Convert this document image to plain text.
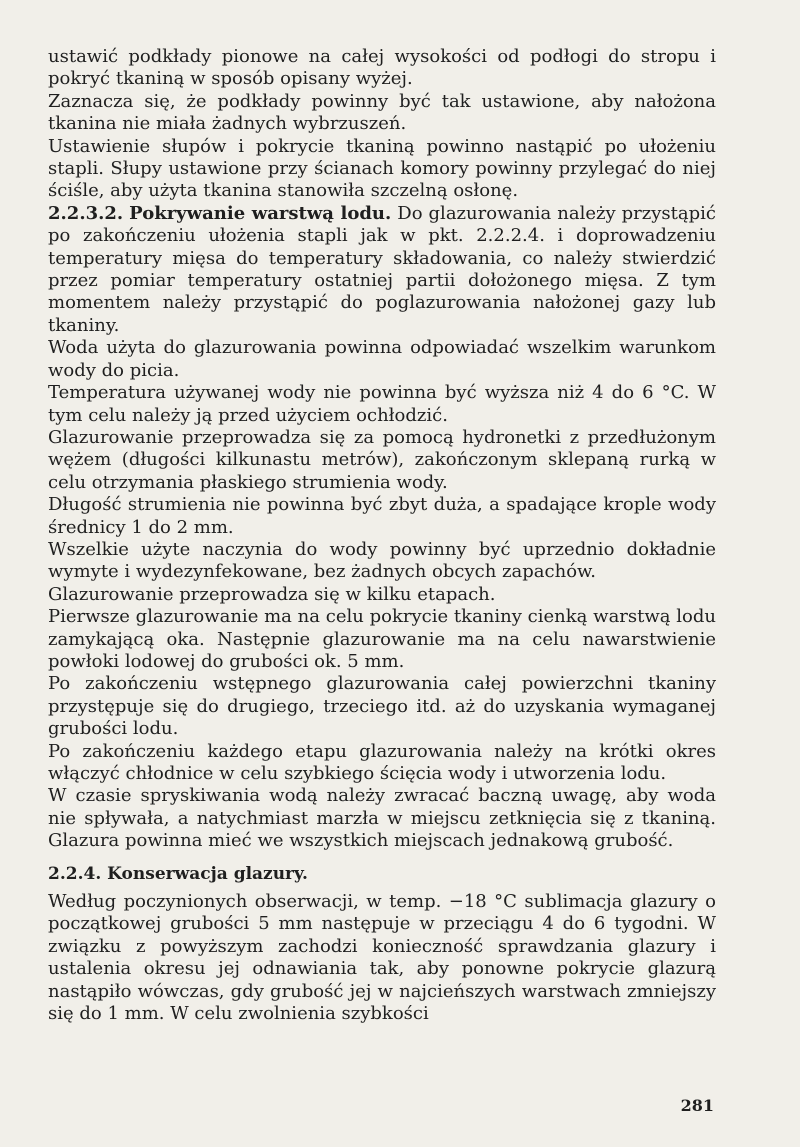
ustawić podkłady pionowe na całej wysokości od podłogi do stropu i pokryć tkaniną w sposób opisany wyżej.

Zaznacza się, że podkłady powinny być tak ustawione, aby nałożona tkanina nie miała żadnych wybrzuszeń.

Ustawienie słupów i pokrycie tkaniną powinno nastąpić po ułożeniu stapli. Słupy ustawione przy ścianach komory powinny przylegać do niej ściśle, aby użyta tkanina stanowiła szczelną osłonę.

2.2.3.2. Pokrywanie warstwą lodu. Do glazurowania należy przystąpić po zakończeniu ułożenia stapli jak w pkt. 2.2.2.4. i doprowadzeniu temperatury mięsa do temperatury składowania, co należy stwierdzić przez pomiar temperatury ostatniej partii dołożonego mięsa. Z tym momentem należy przystąpić do poglazurowania nałożonej gazy lub tkaniny.

Woda użyta do glazurowania powinna odpowiadać wszelkim warunkom wody do picia.

Temperatura używanej wody nie powinna być wyższa niż 4 do 6 °C. W tym celu należy ją przed użyciem ochłodzić.

Glazurowanie przeprowadza się za pomocą hydronetki z przedłużonym wężem (długości kilkunastu metrów), zakończonym sklepaną rurką w celu otrzymania płaskiego strumienia wody.

Długość strumienia nie powinna być zbyt duża, a spadające krople wody średnicy 1 do 2 mm.

Wszelkie użyte naczynia do wody powinny być uprzednio dokładnie wymyte i wydezynfekowane, bez żadnych obcych zapachów.

Glazurowanie przeprowadza się w kilku etapach.

Pierwsze glazurowanie ma na celu pokrycie tkaniny cienką warstwą lodu zamykającą oka. Następnie glazurowanie ma na celu nawarstwienie powłoki lodowej do grubości ok. 5 mm.

Po zakończeniu wstępnego glazurowania całej powierzchni tkaniny przystępuje się do drugiego, trzeciego itd. aż do uzyskania wymaganej grubości lodu.

Po zakończeniu każdego etapu glazurowania należy na krótki okres włączyć chłodnice w celu szybkiego ścięcia wody i utworzenia lodu.

W czasie spryskiwania wodą należy zwracać baczną uwagę, aby woda nie spływała, a natychmiast marzła w miejscu zetknięcia się z tkaniną. Glazura powinna mieć we wszystkich miejscach jednakową grubość.

2.2.4. Konserwacja glazury.

Według poczynionych obserwacji, w temp. −18 °C sublimacja glazury o początkowej grubości 5 mm następuje w przeciągu 4 do 6 tygodni. W związku z powyższym zachodzi konieczność sprawdzania glazury i ustalenia okresu jej odnawiania tak, aby ponowne pokrycie glazurą nastąpiło wówczas, gdy grubość jej w najcieńszych warstwach zmniejszy się do 1 mm. W celu zwolnienia szybkości

281
